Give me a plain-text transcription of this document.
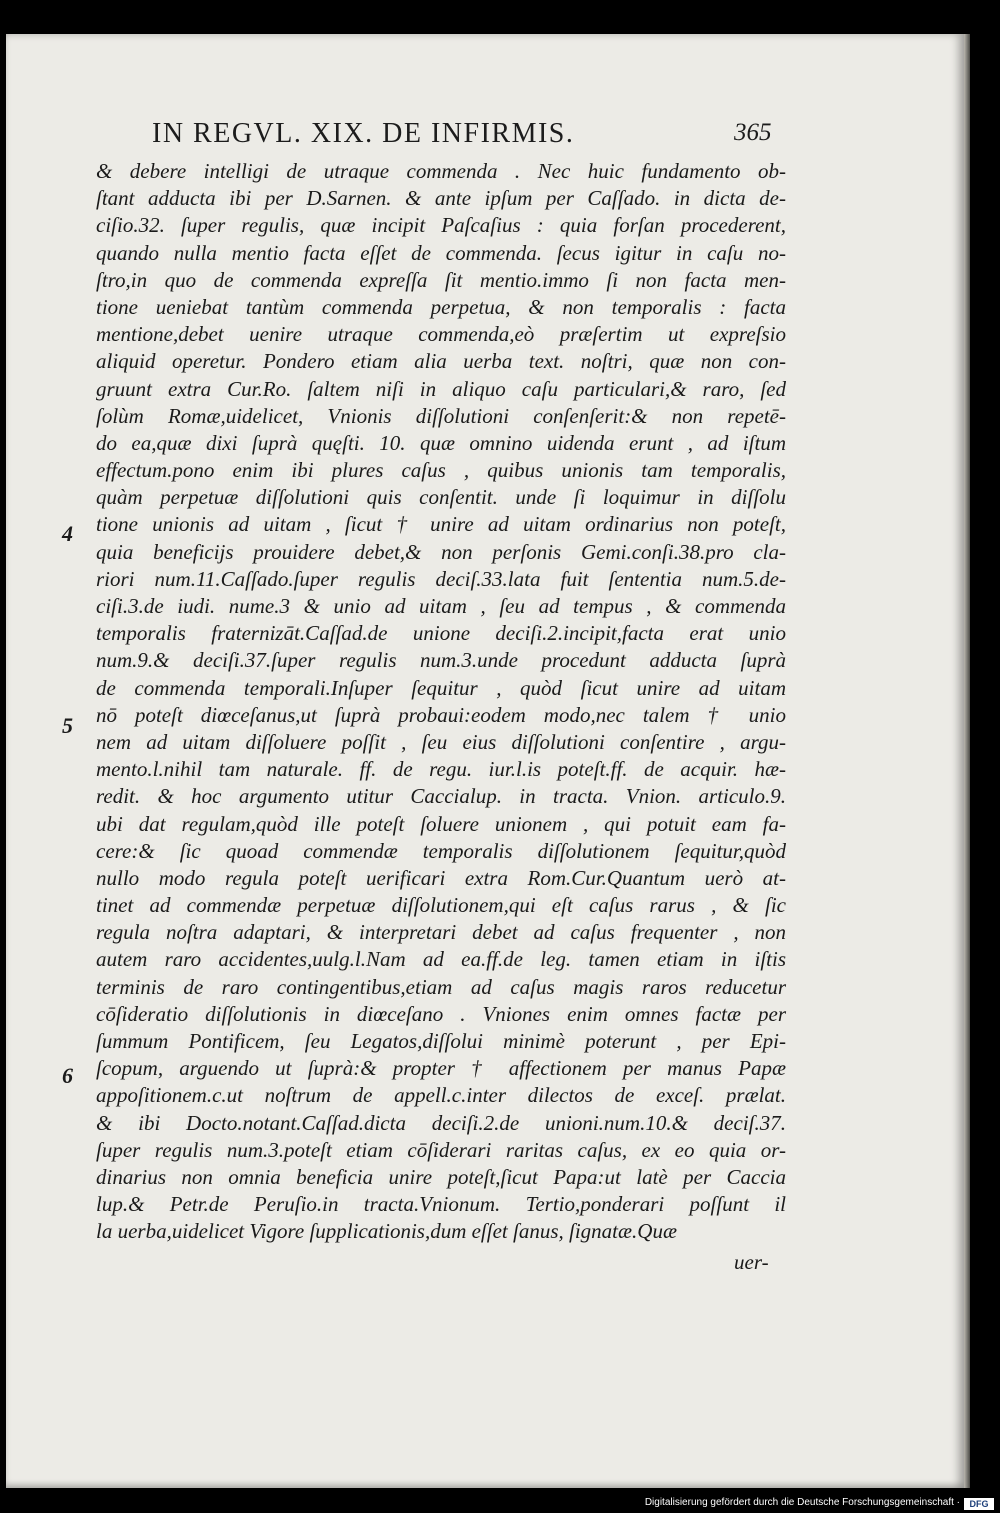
IN REGVL. XIX. DE INFIRMIS.	365
& debere intelligi de utraque commenda . Nec huic fundamento ob-
ſtant adducta ibi per D.Sarnen. & ante ipſum per Caſſado. in dicta de-
ciſio.32. ſuper regulis, quæ incipit Paſcaſius : quia forſan procederent,
quando nulla mentio facta eſſet de commenda. ſecus igitur in caſu no-
ſtro,in quo de commenda expreſſa ſit mentio.immo ſi non facta men-
tione ueniebat tantùm commenda perpetua, & non temporalis : facta
mentione,debet uenire utraque commenda,eò præſertim ut expreſsio
aliquid operetur. Pondero etiam alia uerba text. noſtri, quæ non con-
gruunt extra Cur.Ro. ſaltem niſi in aliquo caſu particulari,& raro, ſed
ſolùm Romæ,uidelicet, Vnionis diſſolutioni conſenſerit:& non repetē-
do ea,quæ dixi ſuprà quęſti. 10. quæ omnino uidenda erunt , ad iſtum
effectum.pono enim ibi plures caſus , quibus unionis tam temporalis,
quàm perpetuæ diſſolutioni quis conſentit. unde ſi loquimur in diſſolu
tione unionis ad uitam , ſicut † unire ad uitam ordinarius non poteſt,
quia beneficijs prouidere debet,& non perſonis Gemi.conſi.38.pro cla-
riori num.11.Caſſado.ſuper regulis deciſ.33.lata fuit ſententia num.5.de-
ciſi.3.de iudi. nume.3 & unio ad uitam , ſeu ad tempus , & commenda
temporalis fraternizāt.Caſſad.de unione deciſi.2.incipit,facta erat unio
num.9.& deciſi.37.ſuper regulis num.3.unde procedunt adducta ſuprà
de commenda temporali.Inſuper ſequitur , quòd ſicut unire ad uitam
nō poteſt diœceſanus,ut ſuprà probaui:eodem modo,nec talem † unio
nem ad uitam diſſoluere poſſit , ſeu eius diſſolutioni conſentire , argu-
mento.l.nihil tam naturale. ff. de regu. iur.l.is poteſt.ff. de acquir. hæ-
redit. & hoc argumento utitur Caccialup. in tracta. Vnion. articulo.9.
ubi dat regulam,quòd ille poteſt ſoluere unionem , qui potuit eam fa-
cere:& ſic quoad commendæ temporalis diſſolutionem ſequitur,quòd
nullo modo regula poteſt uerificari extra Rom.Cur.Quantum uerò at-
tinet ad commendæ perpetuæ diſſolutionem,qui eſt caſus rarus , & ſic
regula noſtra adaptari, & interpretari debet ad caſus frequenter , non
autem raro accidentes,uulg.l.Nam ad ea.ff.de leg. tamen etiam in iſtis
terminis de raro contingentibus,etiam ad caſus magis raros reducetur
cōſideratio diſſolutionis in diœceſano . Vniones enim omnes factæ per
ſummum Pontificem, ſeu Legatos,diſſolui minimè poterunt , per Epi-
ſcopum, arguendo ut ſuprà:& propter † affectionem per manus Papæ
appoſitionem.c.ut noſtrum de appell.c.inter dilectos de exceſ. prælat.
& ibi Docto.notant.Caſſad.dicta deciſi.2.de unioni.num.10.& deciſ.37.
ſuper regulis num.3.poteſt etiam cōſiderari raritas caſus, ex eo quia or-
dinarius non omnia beneficia unire poteſt,ſicut Papa:ut latè per Caccia
lup.& Petr.de Peruſio.in tracta.Vnionum. Tertio,ponderari poſſunt il
la uerba,uidelicet Vigore ſupplicationis,dum eſſet ſanus, ſignatæ.Quæ
uer-
4
5
6
Digitalisierung gefördert durch die Deutsche Forschungsgemeinschaft ·	DFG
